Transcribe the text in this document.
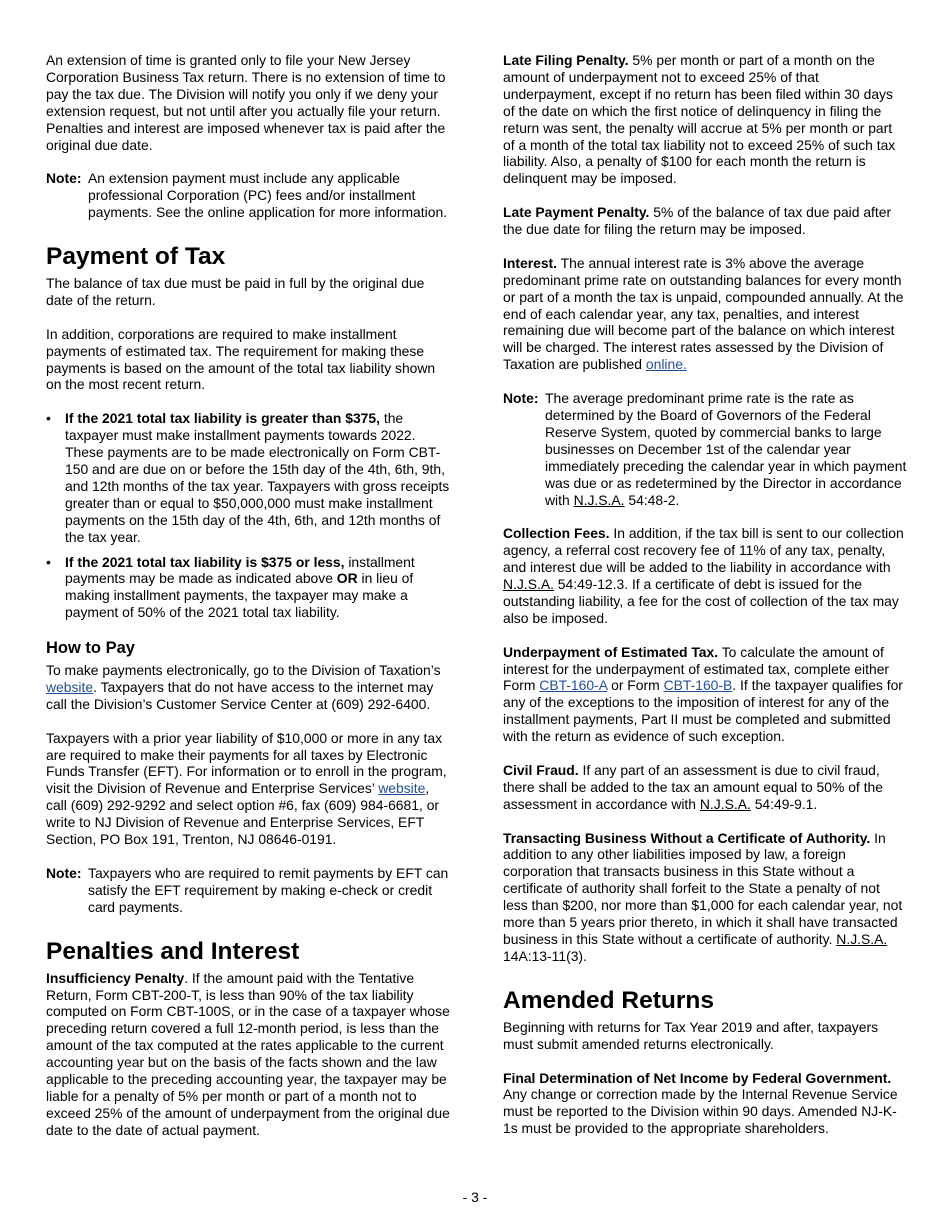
An extension of time is granted only to file your New Jersey Corporation Business Tax return. There is no extension of time to pay the tax due. The Division will notify you only if we deny your extension request, but not until after you actually file your return. Penalties and interest are imposed whenever tax is paid after the original due date.

Note: An extension payment must include any applicable professional Corporation (PC) fees and/or installment payments. See the online application for more information.
Payment of Tax

The balance of tax due must be paid in full by the original due date of the return.

In addition, corporations are required to make installment payments of estimated tax. The requirement for making these payments is based on the amount of the total tax liability shown on the most recent return.

• If the 2021 total tax liability is greater than $375, the taxpayer must make installment payments towards 2022. These payments are to be made electronically on Form CBT-150 and are due on or before the 15th day of the 4th, 6th, 9th, and 12th months of the tax year. Taxpayers with gross receipts greater than or equal to $50,000,000 must make installment payments on the 15th day of the 4th, 6th, and 12th months of the tax year.
• If the 2021 total tax liability is $375 or less, installment payments may be made as indicated above OR in lieu of making installment payments, the taxpayer may make a payment of 50% of the 2021 total tax liability.
How to Pay

To make payments electronically, go to the Division of Taxation’s website. Taxpayers that do not have access to the internet may call the Division’s Customer Service Center at (609) 292-6400.

Taxpayers with a prior year liability of $10,000 or more in any tax are required to make their payments for all taxes by Electronic Funds Transfer (EFT). For information or to enroll in the program, visit the Division of Revenue and Enterprise Services’ website, call (609) 292-9292 and select option #6, fax (609) 984-6681, or write to NJ Division of Revenue and Enterprise Services, EFT Section, PO Box 191, Trenton, NJ 08646-0191.

Note: Taxpayers who are required to remit payments by EFT can satisfy the EFT requirement by making e-check or credit card payments.
Penalties and Interest

Insufficiency Penalty. If the amount paid with the Tentative Return, Form CBT-200-T, is less than 90% of the tax liability computed on Form CBT-100S, or in the case of a taxpayer whose preceding return covered a full 12-month period, is less than the amount of the tax computed at the rates applicable to the current accounting year but on the basis of the facts shown and the law applicable to the preceding accounting year, the taxpayer may be liable for a penalty of 5% per month or part of a month not to exceed 25% of the amount of underpayment from the original due date to the date of actual payment.

Late Filing Penalty. 5% per month or part of a month on the amount of underpayment not to exceed 25% of that underpayment, except if no return has been filed within 30 days of the date on which the first notice of delinquency in filing the return was sent, the penalty will accrue at 5% per month or part of a month of the total tax liability not to exceed 25% of such tax liability. Also, a penalty of $100 for each month the return is delinquent may be imposed.

Late Payment Penalty. 5% of the balance of tax due paid after the due date for filing the return may be imposed.

Interest. The annual interest rate is 3% above the average predominant prime rate on outstanding balances for every month or part of a month the tax is unpaid, compounded annually. At the end of each calendar year, any tax, penalties, and interest remaining due will become part of the balance on which interest will be charged. The interest rates assessed by the Division of Taxation are published online.

Note: The average predominant prime rate is the rate as determined by the Board of Governors of the Federal Reserve System, quoted by commercial banks to large businesses on December 1st of the calendar year immediately preceding the calendar year in which payment was due or as redetermined by the Director in accordance with N.J.S.A. 54:48-2.

Collection Fees. In addition, if the tax bill is sent to our collection agency, a referral cost recovery fee of 11% of any tax, penalty, and interest due will be added to the liability in accordance with N.J.S.A. 54:49-12.3. If a certificate of debt is issued for the outstanding liability, a fee for the cost of collection of the tax may also be imposed.

Underpayment of Estimated Tax. To calculate the amount of interest for the underpayment of estimated tax, complete either Form CBT-160-A or Form CBT-160-B. If the taxpayer qualifies for any of the exceptions to the imposition of interest for any of the installment payments, Part II must be completed and submitted with the return as evidence of such exception.

Civil Fraud. If any part of an assessment is due to civil fraud, there shall be added to the tax an amount equal to 50% of the assessment in accordance with N.J.S.A. 54:49-9.1.

Transacting Business Without a Certificate of Authority. In addition to any other liabilities imposed by law, a foreign corporation that transacts business in this State without a certificate of authority shall forfeit to the State a penalty of not less than $200, nor more than $1,000 for each calendar year, not more than 5 years prior thereto, in which it shall have transacted business in this State without a certificate of authority. N.J.S.A. 14A:13-11(3).

Amended Returns

Beginning with returns for Tax Year 2019 and after, taxpayers must submit amended returns electronically.

Final Determination of Net Income by Federal Government.
Any change or correction made by the Internal Revenue Service must be reported to the Division within 90 days. Amended NJ-K-1s must be provided to the appropriate shareholders.

- 3 -
